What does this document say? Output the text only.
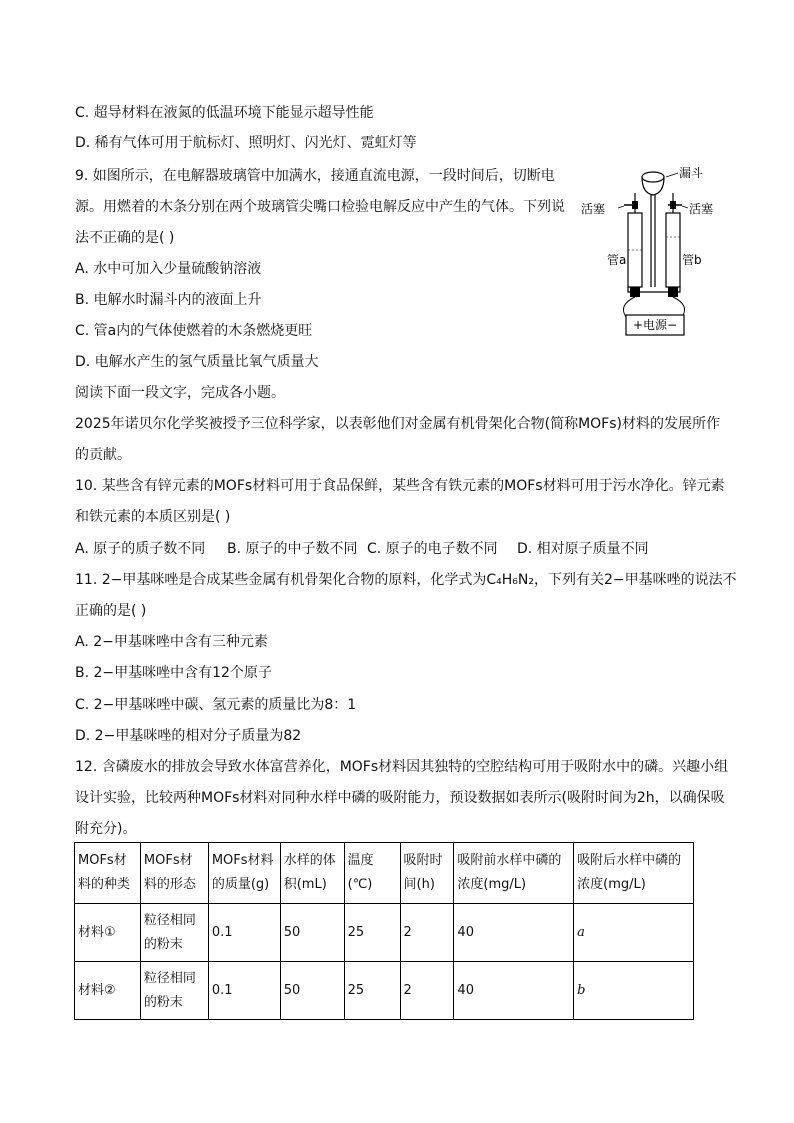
C. 超导材料在液氮的低温环境下能显示超导性能
D. 稀有气体可用于航标灯、照明灯、闪光灯、霓虹灯等
9. 如图所示，在电解器玻璃管中加满水，接通直流电源，一段时间后，切断电
源。用燃着的木条分别在两个玻璃管尖嘴口检验电解反应中产生的气体。下列说
法不正确的是( )
A. 水中可加入少量硫酸钠溶液
B. 电解水时漏斗内的液面上升
C. 管a内的气体使燃着的木条燃烧更旺
D. 电解水产生的氢气质量比氧气质量大
漏斗
活塞	活塞
管a	管b
+电源−
阅读下面一段文字，完成各小题。
2025年诺贝尔化学奖被授予三位科学家，以表彰他们对金属有机骨架化合物(简称MOFs)材料的发展所作
的贡献。
10. 某些含有锌元素的MOFs材料可用于食品保鲜，某些含有铁元素的MOFs材料可用于污水净化。锌元素
和铁元素的本质区别是( )
A. 原子的质子数不同 B. 原子的中子数不同 C. 原子的电子数不同 D. 相对原子质量不同
11. 2−甲基咪唑是合成某些金属有机骨架化合物的原料，化学式为C₄H₆N₂，下列有关2−甲基咪唑的说法不
正确的是( )
A. 2−甲基咪唑中含有三种元素
B. 2−甲基咪唑中含有12个原子
C. 2−甲基咪唑中碳、氢元素的质量比为8：1
D. 2−甲基咪唑的相对分子质量为82
12. 含磷废水的排放会导致水体富营养化，MOFs材料因其独特的空腔结构可用于吸附水中的磷。兴趣小组
设计实验，比较两种MOFs材料对同种水样中磷的吸附能力，预设数据如表所示(吸附时间为2h，以确保吸
附充分)。
MOFs材料的种类	MOFs材料的形态	MOFs材料的质量(g)	水样的体积(mL)	温度(℃)	吸附时间(h)	吸附前水样中磷的浓度(mg/L)	吸附后水样中磷的浓度(mg/L)
材料①	粒径相同的粉末	0.1	50	25	2	40	a
材料②	粒径相同的粉末	0.1	50	25	2	40	b
